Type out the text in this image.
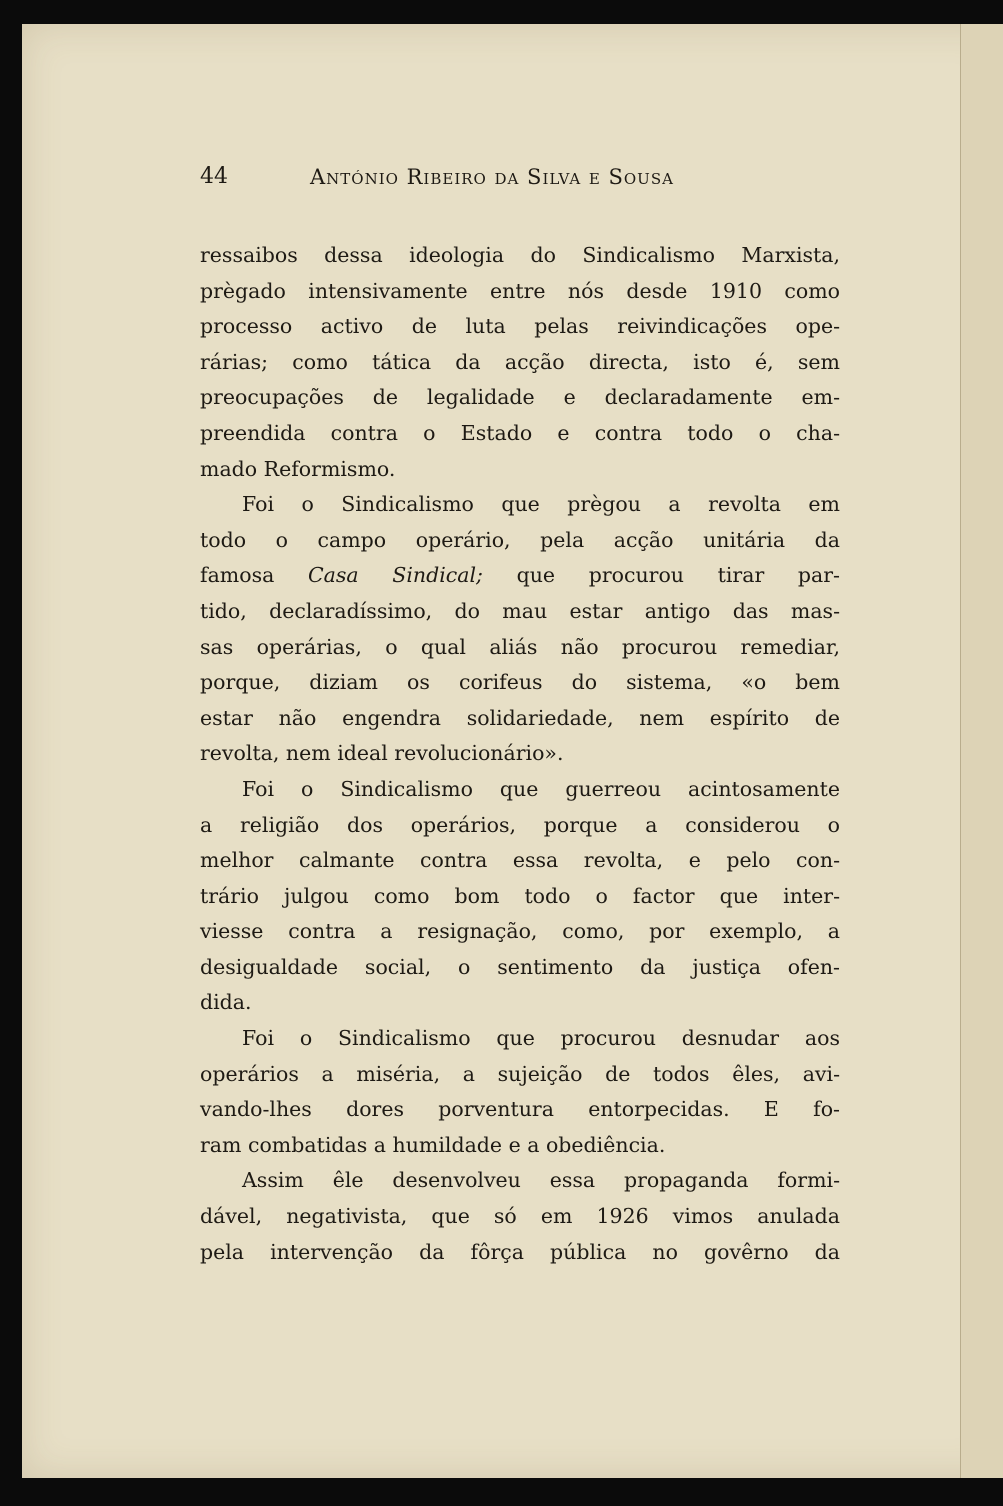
44	António Ribeiro da Silva e Sousa
ressaibos dessa ideologia do Sindicalismo Marxista,
prègado intensivamente entre nós desde 1910 como
processo activo de luta pelas reivindicações ope-
rárias; como tática da acção directa, isto é, sem
preocupações de legalidade e declaradamente em-
preendida contra o Estado e contra todo o cha-
mado Reformismo.
Foi o Sindicalismo que prègou a revolta em
todo o campo operário, pela acção unitária da
famosa Casa Sindical; que procurou tirar par-
tido, declaradíssimo, do mau estar antigo das mas-
sas operárias, o qual aliás não procurou remediar,
porque, diziam os corifeus do sistema, «o bem
estar não engendra solidariedade, nem espírito de
revolta, nem ideal revolucionário».
Foi o Sindicalismo que guerreou acintosamente
a religião dos operários, porque a considerou o
melhor calmante contra essa revolta, e pelo con-
trário julgou como bom todo o factor que inter-
viesse contra a resignação, como, por exemplo, a
desigualdade social, o sentimento da justiça ofen-
dida.
Foi o Sindicalismo que procurou desnudar aos
operários a miséria, a sujeição de todos êles, avi-
vando-lhes dores porventura entorpecidas. E fo-
ram combatidas a humildade e a obediência.
Assim êle desenvolveu essa propaganda formi-
dável, negativista, que só em 1926 vimos anulada
pela intervenção da fôrça pública no govêrno da
